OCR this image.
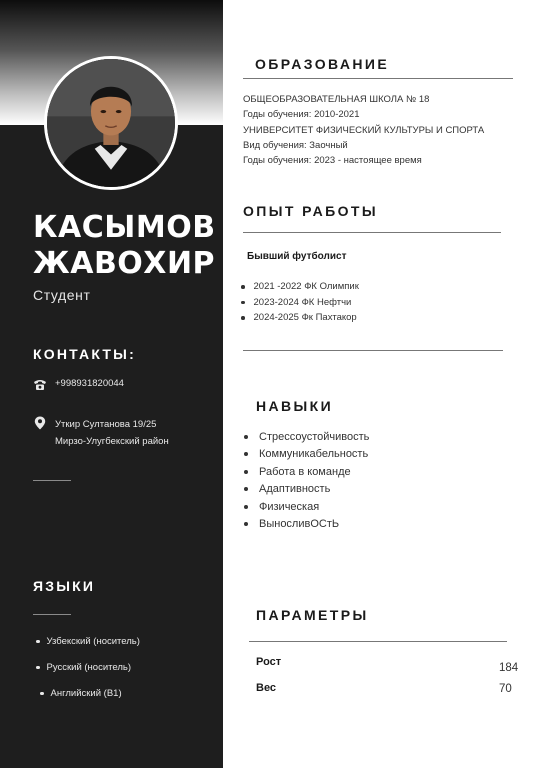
КАСЫМОВ
ЖАВОХИР
Студент
КОНТАКТЫ:
+998931820044
Уткир Султанова 19/25
Мирзо-Улугбекский район
ЯЗЫКИ
Узбекский (носитель)
Русский (носитель)
Английский (B1)
ОБРАЗОВАНИЕ
ОБЩЕОБРАЗОВАТЕЛЬНАЯ ШКОЛА № 18
Годы обучения: 2010-2021
УНИВЕРСИТЕТ ФИЗИЧЕСКИЙ КУЛЬТУРЫ И СПОРТА
Вид обучения: Заочный
Годы обучения: 2023 - настоящее время
ОПЫТ РАБОТЫ
Бывший футболист
2021 -2022 ФК Олимпик
2023-2024 ФК Нефтчи
2024-2025 Фк Пахтакор
НАВЫКИ
Стрессоустойчивость
Коммуникабельность
Работа в команде
Адаптивность
Физическая
ВыносливОСтЬ
ПАРАМЕТРЫ
Рост	184
Вес	70
